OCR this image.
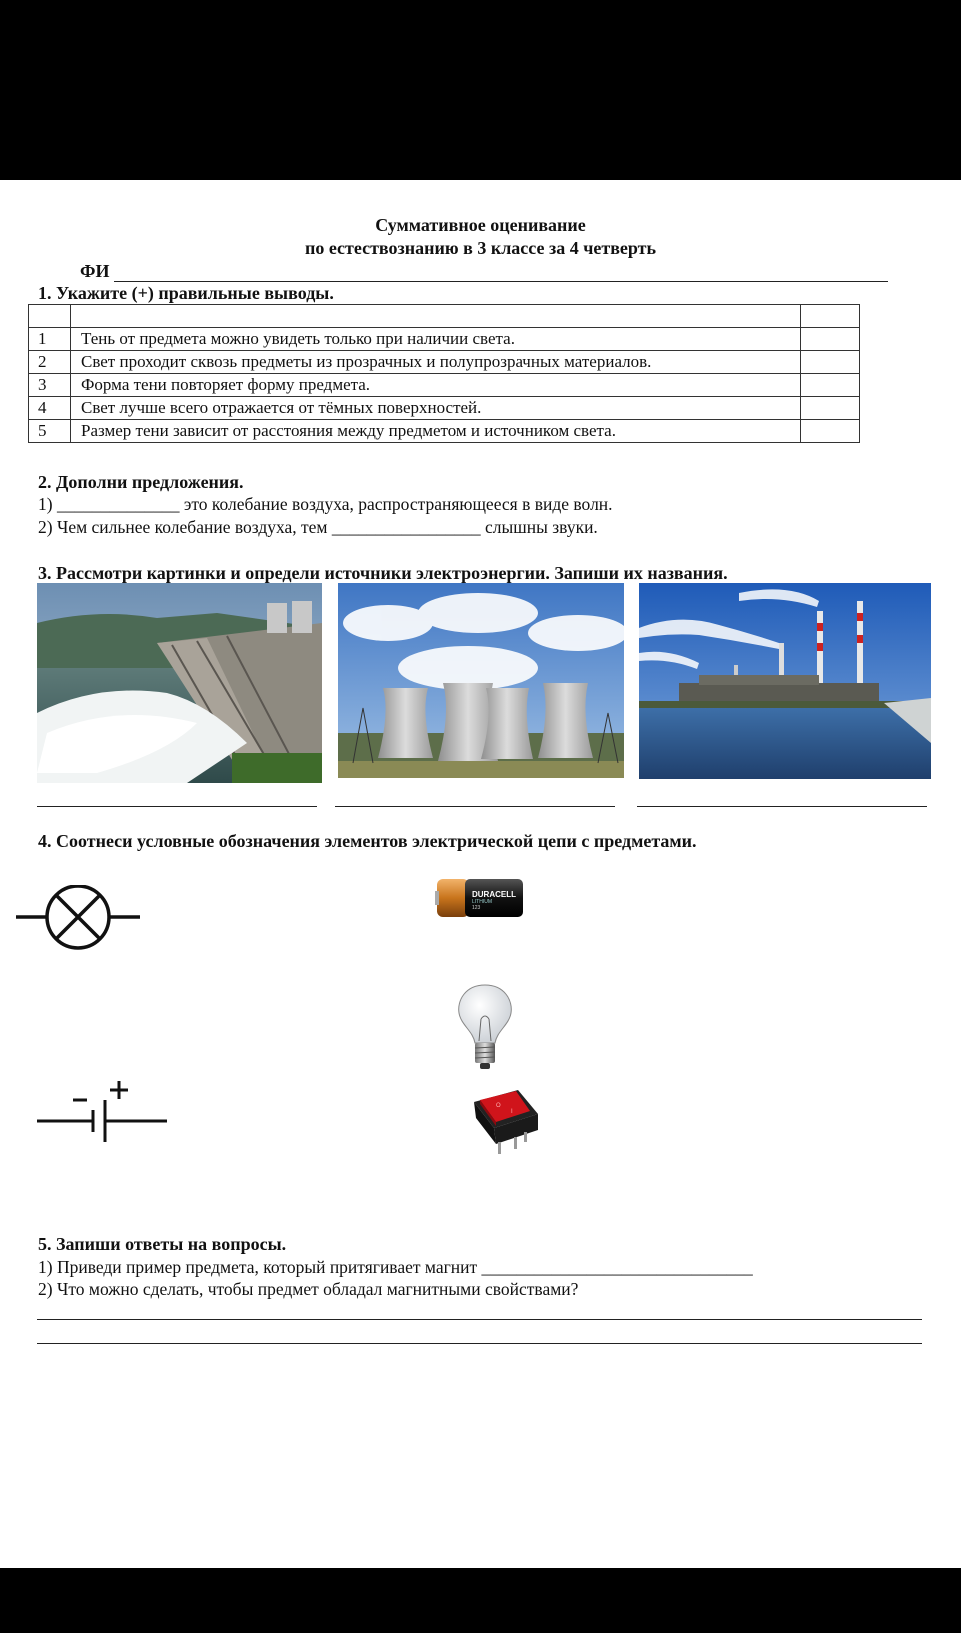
Суммативное оценивание
по естествознанию в 3 классе за 4 четверть
ФИ
1. Укажите (+) правильные выводы.

1	Тень от предмета можно увидеть только при наличии света.	
2	Свет проходит сквозь предметы из прозрачных и полупрозрачных материалов.	
3	Форма тени повторяет форму предмета.	
4	Свет лучше всего отражается от тёмных поверхностей.	
5	Размер тени зависит от расстояния между предметом и источником света.	
2. Дополни предложения.
1) ______________ это колебание воздуха, распространяющееся в виде волн.
2) Чем сильнее колебание воздуха, тем _________________ слышны звуки.
3. Рассмотри картинки и определи источники электроэнергии. Запиши их названия.
4. Соотнеси условные обозначения элементов электрической цепи с предметами.
DURACELL
LITHIUM
123
O
I
5. Запиши ответы на вопросы.
1) Приведи пример предмета, который притягивает магнит _______________________________
2) Что можно сделать, чтобы предмет обладал магнитными свойствами?
